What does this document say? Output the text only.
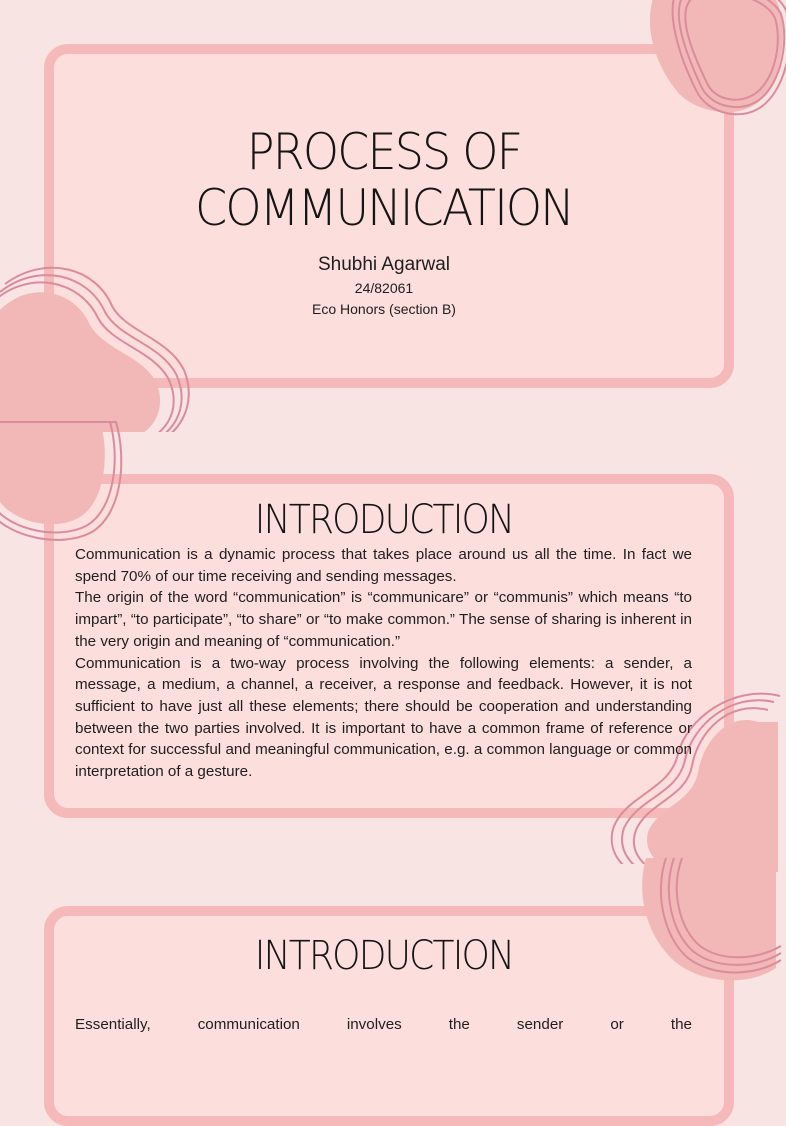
PROCESS OF
COMMUNICATION
Shubhi Agarwal
24/82061
Eco Honors (section B)
INTRODUCTION

Communication is a dynamic process that takes place around us all the time. In fact we spend 70% of our time receiving and sending messages.

The origin of the word “communication” is “communicare” or “communis” which means “to impart”, “to participate”, “to share” or “to make common.” The sense of sharing is inherent in the very origin and meaning of “communication.”

Communication is a two-way process involving the following elements: a sender, a message, a medium, a channel, a receiver, a response and feedback. However, it is not sufficient to have just all these elements; there should be cooperation and understanding between the two parties involved. It is important to have a common frame of reference or context for successful and meaningful communication, e.g. a common language or common interpretation of a gesture.

INTRODUCTION

Essentially, communication involves the sender or the
